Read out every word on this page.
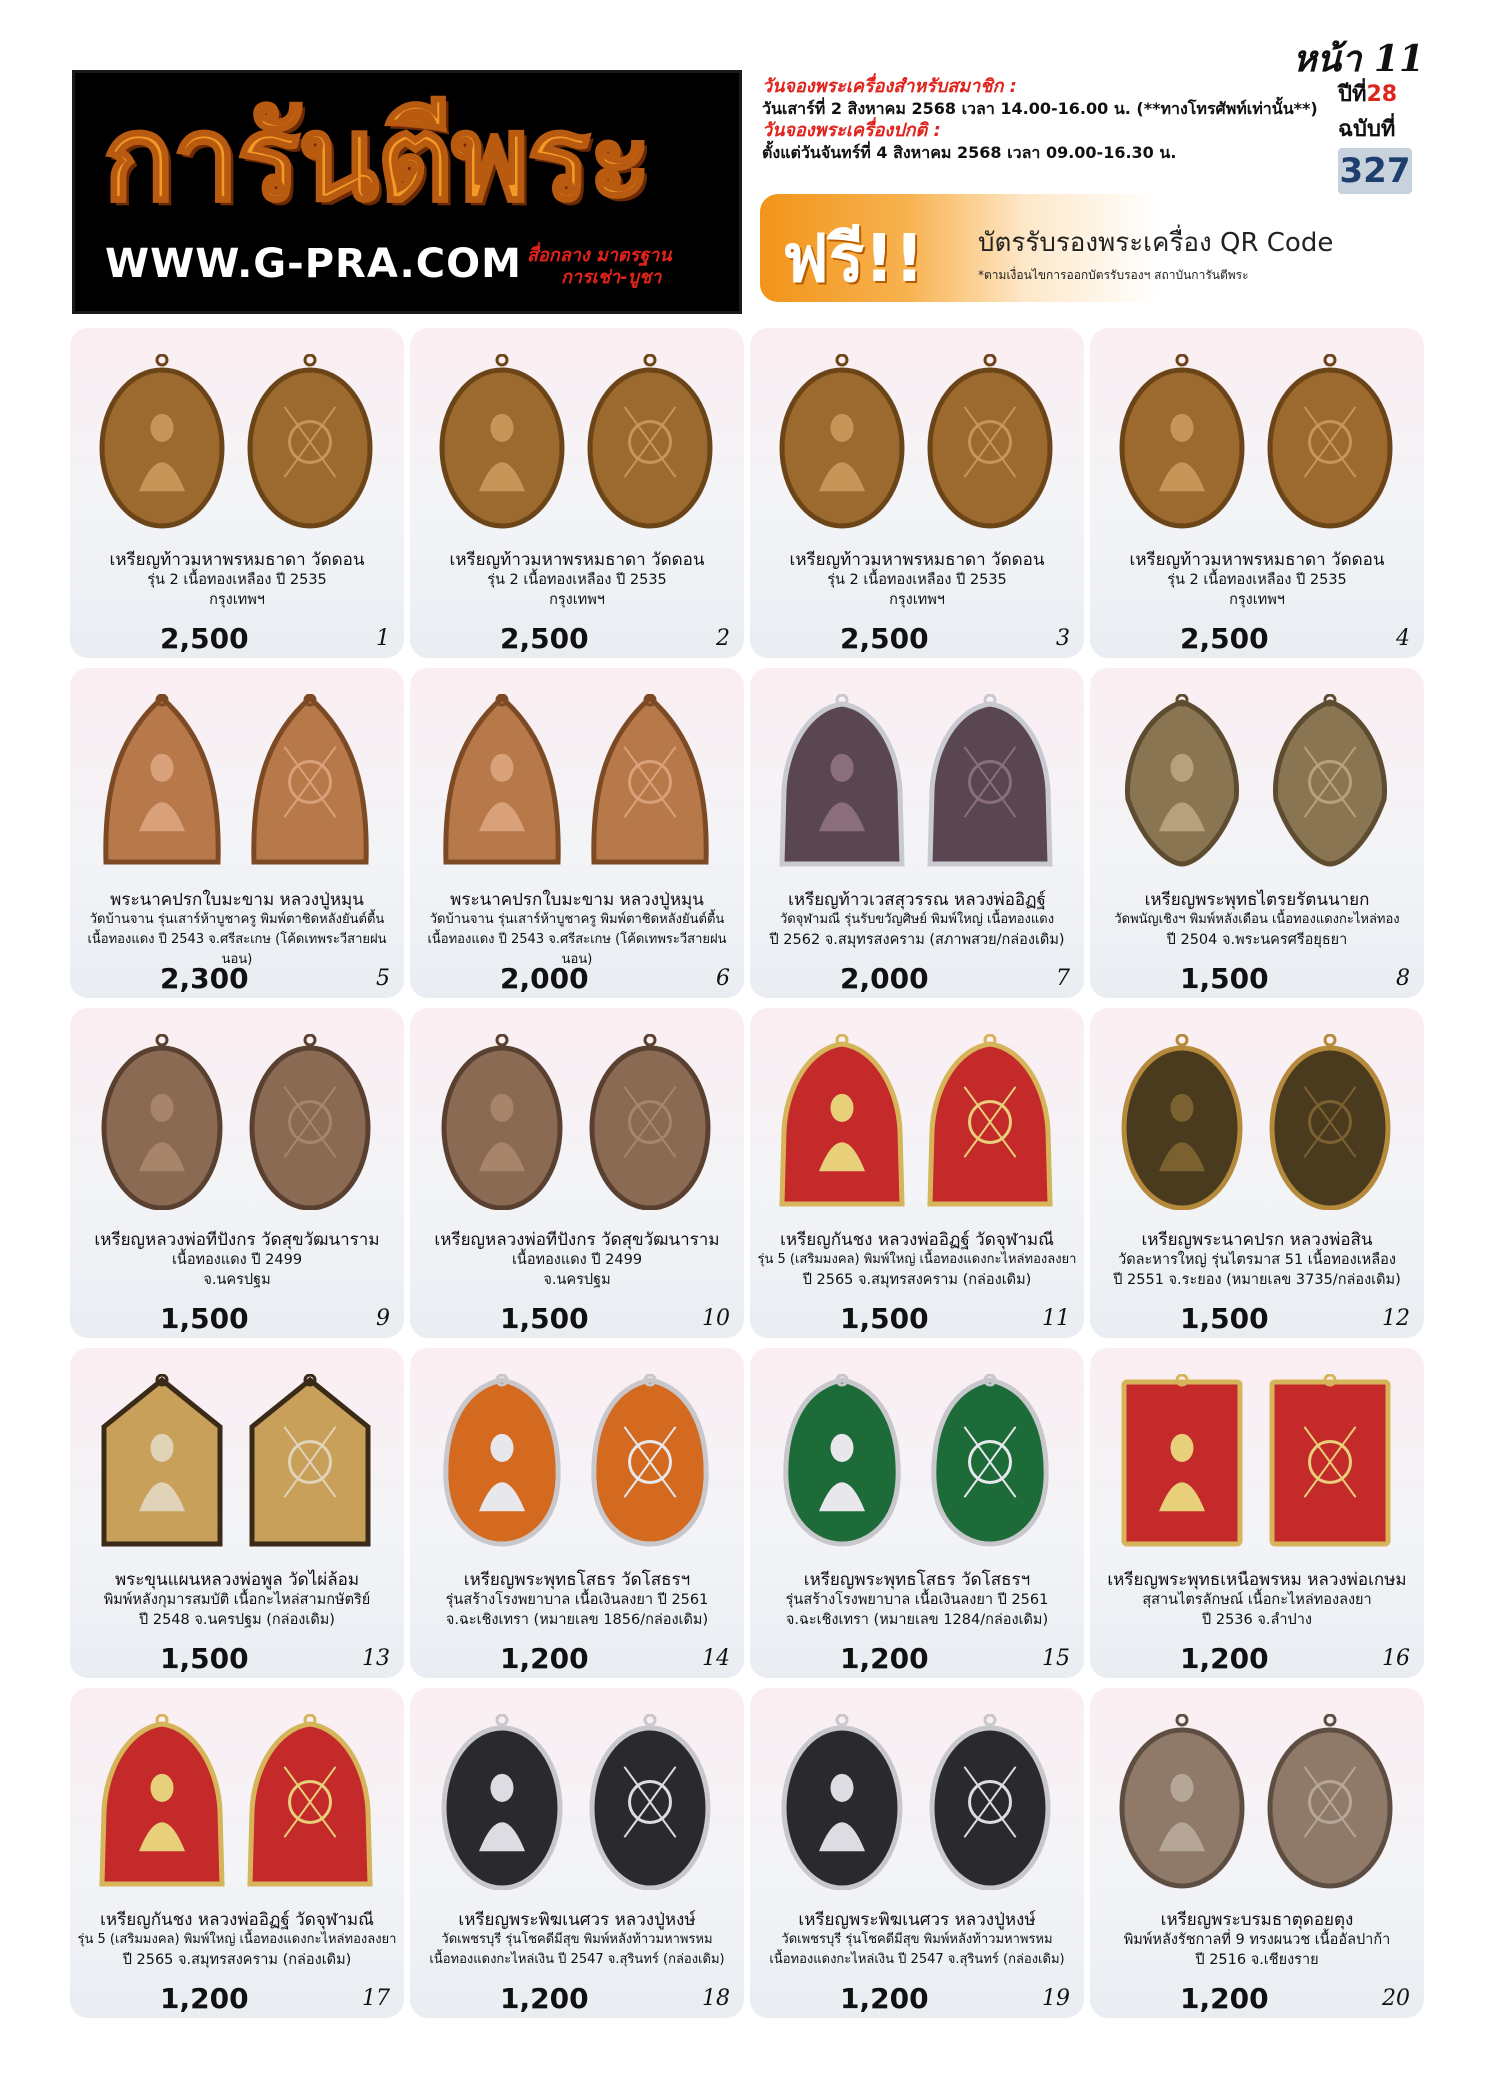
หน้า 11
การันตีพระ
WWW.G-PRA.COM สื่อกลาง มาตรฐาน
การเช่า-บูชา
วันจองพระเครื่องสำหรับสมาชิก :
วันเสาร์ที่ 2 สิงหาคม 2568 เวลา 14.00-16.00 น. (**ทางโทรศัพท์เท่านั้น**)
วันจองพระเครื่องปกติ :
ตั้งแต่วันจันทร์ที่ 4 สิงหาคม 2568 เวลา 09.00-16.30 น.
ปีที่28
ฉบับที่
327
ฟรี!! บัตรรับรองพระเครื่อง QR Code
*ตามเงื่อนไขการออกบัตรรับรองฯ สถาบันการันตีพระ
เหรียญท้าวมหาพรหมธาดา วัดดอน
รุ่น 2 เนื้อทองเหลือง ปี 2535
กรุงเทพฯ
2,500	1
เหรียญท้าวมหาพรหมธาดา วัดดอน
รุ่น 2 เนื้อทองเหลือง ปี 2535
กรุงเทพฯ
2,500	2
เหรียญท้าวมหาพรหมธาดา วัดดอน
รุ่น 2 เนื้อทองเหลือง ปี 2535
กรุงเทพฯ
2,500	3
เหรียญท้าวมหาพรหมธาดา วัดดอน
รุ่น 2 เนื้อทองเหลือง ปี 2535
กรุงเทพฯ
2,500	4
พระนาคปรกใบมะขาม หลวงปู่หมุน
วัดบ้านจาน รุ่นเสาร์ห้าบูชาครู พิมพ์ตาชิดหลังยันต์ตื้น
เนื้อทองแดง ปี 2543 จ.ศรีสะเกษ (โค้ดเทพระวีสายฝนนอน)
2,300	5
พระนาคปรกใบมะขาม หลวงปู่หมุน
วัดบ้านจาน รุ่นเสาร์ห้าบูชาครู พิมพ์ตาชิดหลังยันต์ตื้น
เนื้อทองแดง ปี 2543 จ.ศรีสะเกษ (โค้ดเทพระวีสายฝนนอน)
2,000	6
เหรียญท้าวเวสสุวรรณ หลวงพ่ออิฏฐ์
วัดจุฬามณี รุ่นรับขวัญศิษย์ พิมพ์ใหญ่ เนื้อทองแดง
ปี 2562 จ.สมุทรสงคราม (สภาพสวย/กล่องเดิม)
2,000	7
เหรียญพระพุทธไตรยรัตนนายก
วัดพนัญเชิงฯ พิมพ์หลังเดือน เนื้อทองแดงกะไหล่ทอง
ปี 2504 จ.พระนครศรีอยุธยา
1,500	8
เหรียญหลวงพ่อทีปังกร วัดสุขวัฒนาราม
เนื้อทองแดง ปี 2499
จ.นครปฐม
1,500	9
เหรียญหลวงพ่อทีปังกร วัดสุขวัฒนาราม
เนื้อทองแดง ปี 2499
จ.นครปฐม
1,500	10
เหรียญกันชง หลวงพ่ออิฏฐ์ วัดจุฬามณี
รุ่น 5 (เสริมมงคล) พิมพ์ใหญ่ เนื้อทองแดงกะไหล่ทองลงยา
ปี 2565 จ.สมุทรสงคราม (กล่องเดิม)
1,500	11
เหรียญพระนาคปรก หลวงพ่อสิน
วัดละหารใหญ่ รุ่นไตรมาส 51 เนื้อทองเหลือง
ปี 2551 จ.ระยอง (หมายเลข 3735/กล่องเดิม)
1,500	12
พระขุนแผนหลวงพ่อพูล วัดไผ่ล้อม
พิมพ์หลังกุมารสมบัติ เนื้อกะไหล่สามกษัตริย์
ปี 2548 จ.นครปฐม (กล่องเดิม)
1,500	13
เหรียญพระพุทธโสธร วัดโสธรฯ
รุ่นสร้างโรงพยาบาล เนื้อเงินลงยา ปี 2561
จ.ฉะเชิงเทรา (หมายเลข 1856/กล่องเดิม)
1,200	14
เหรียญพระพุทธโสธร วัดโสธรฯ
รุ่นสร้างโรงพยาบาล เนื้อเงินลงยา ปี 2561
จ.ฉะเชิงเทรา (หมายเลข 1284/กล่องเดิม)
1,200	15
เหรียญพระพุทธเหนือพรหม หลวงพ่อเกษม
สุสานไตรลักษณ์ เนื้อกะไหล่ทองลงยา
ปี 2536 จ.ลำปาง
1,200	16
เหรียญกันชง หลวงพ่ออิฏฐ์ วัดจุฬามณี
รุ่น 5 (เสริมมงคล) พิมพ์ใหญ่ เนื้อทองแดงกะไหล่ทองลงยา
ปี 2565 จ.สมุทรสงคราม (กล่องเดิม)
1,200	17
เหรียญพระพิฆเนศวร หลวงปู่หงษ์
วัดเพชรบุรี รุ่นโชคดีมีสุข พิมพ์หลังท้าวมหาพรหม
เนื้อทองแดงกะไหล่เงิน ปี 2547 จ.สุรินทร์ (กล่องเดิม)
1,200	18
เหรียญพระพิฆเนศวร หลวงปู่หงษ์
วัดเพชรบุรี รุ่นโชคดีมีสุข พิมพ์หลังท้าวมหาพรหม
เนื้อทองแดงกะไหล่เงิน ปี 2547 จ.สุรินทร์ (กล่องเดิม)
1,200	19
เหรียญพระบรมธาตุดอยตุง
พิมพ์หลังรัชกาลที่ 9 ทรงผนวช เนื้ออัลปาก้า
ปี 2516 จ.เชียงราย
1,200	20
